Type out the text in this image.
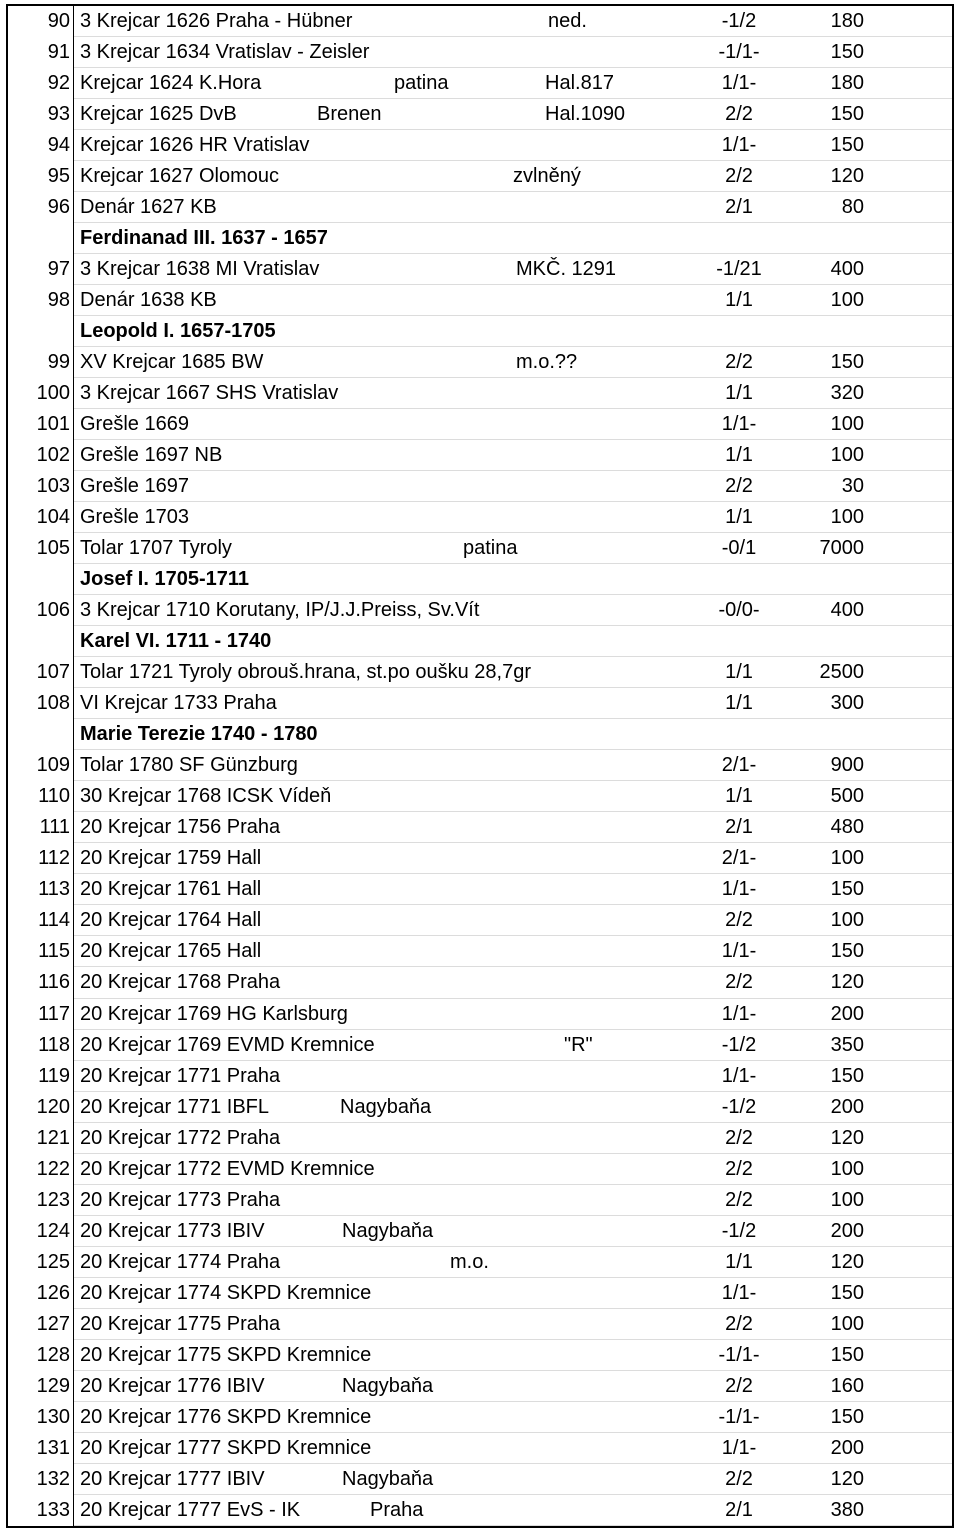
90 3 Krejcar 1626 Praha - Hübner	ned.	-1/2	180
91 3 Krejcar 1634 Vratislav - Zeisler	-1/1-	150
92 Krejcar 1624 K.Hora	patina	Hal.817	1/1-	180
93 Krejcar 1625 DvB	Brenen	Hal.1090	2/2	150
94 Krejcar 1626 HR Vratislav	1/1-	150
95 Krejcar 1627 Olomouc	zvlněný	2/2	120
96 Denár 1627 KB	2/1	80
Ferdinanad III. 1637 - 1657
97 3 Krejcar 1638 MI Vratislav	MKČ. 1291	-1/21	400
98 Denár 1638 KB	1/1	100
Leopold I. 1657-1705
99 XV Krejcar 1685 BW	m.o.??	2/2	150
100 3 Krejcar 1667 SHS Vratislav	1/1	320
101 Grešle 1669	1/1-	100
102 Grešle 1697 NB	1/1	100
103 Grešle 1697	2/2	30
104 Grešle 1703	1/1	100
105 Tolar 1707 Tyroly	patina	-0/1	7000
Josef I. 1705-1711
106 3 Krejcar 1710 Korutany, IP/J.J.Preiss, Sv.Vít	-0/0-	400
Karel VI. 1711 - 1740
107 Tolar 1721 Tyroly obrouš.hrana, st.po oušku 28,7gr	1/1	2500
108 VI Krejcar 1733 Praha	1/1	300
Marie Terezie 1740 - 1780
109 Tolar 1780 SF Günzburg	2/1-	900
110 30 Krejcar 1768 ICSK Vídeň	1/1	500
111 20 Krejcar 1756 Praha	2/1	480
112 20 Krejcar 1759 Hall	2/1-	100
113 20 Krejcar 1761 Hall	1/1-	150
114 20 Krejcar 1764 Hall	2/2	100
115 20 Krejcar 1765 Hall	1/1-	150
116 20 Krejcar 1768 Praha	2/2	120
117 20 Krejcar 1769 HG Karlsburg	1/1-	200
118 20 Krejcar 1769 EVMD Kremnice	"R"	-1/2	350
119 20 Krejcar 1771 Praha	1/1-	150
120 20 Krejcar 1771 IBFL	Nagybaňa	-1/2	200
121 20 Krejcar 1772 Praha	2/2	120
122 20 Krejcar 1772 EVMD Kremnice	2/2	100
123 20 Krejcar 1773 Praha	2/2	100
124 20 Krejcar 1773 IBIV	Nagybaňa	-1/2	200
125 20 Krejcar 1774 Praha	m.o.	1/1	120
126 20 Krejcar 1774 SKPD Kremnice	1/1-	150
127 20 Krejcar 1775 Praha	2/2	100
128 20 Krejcar 1775 SKPD Kremnice	-1/1-	150
129 20 Krejcar 1776 IBIV	Nagybaňa	2/2	160
130 20 Krejcar 1776 SKPD Kremnice	-1/1-	150
131 20 Krejcar 1777 SKPD Kremnice	1/1-	200
132 20 Krejcar 1777 IBIV	Nagybaňa	2/2	120
133 20 Krejcar 1777 EvS - IK	Praha	2/1	380
